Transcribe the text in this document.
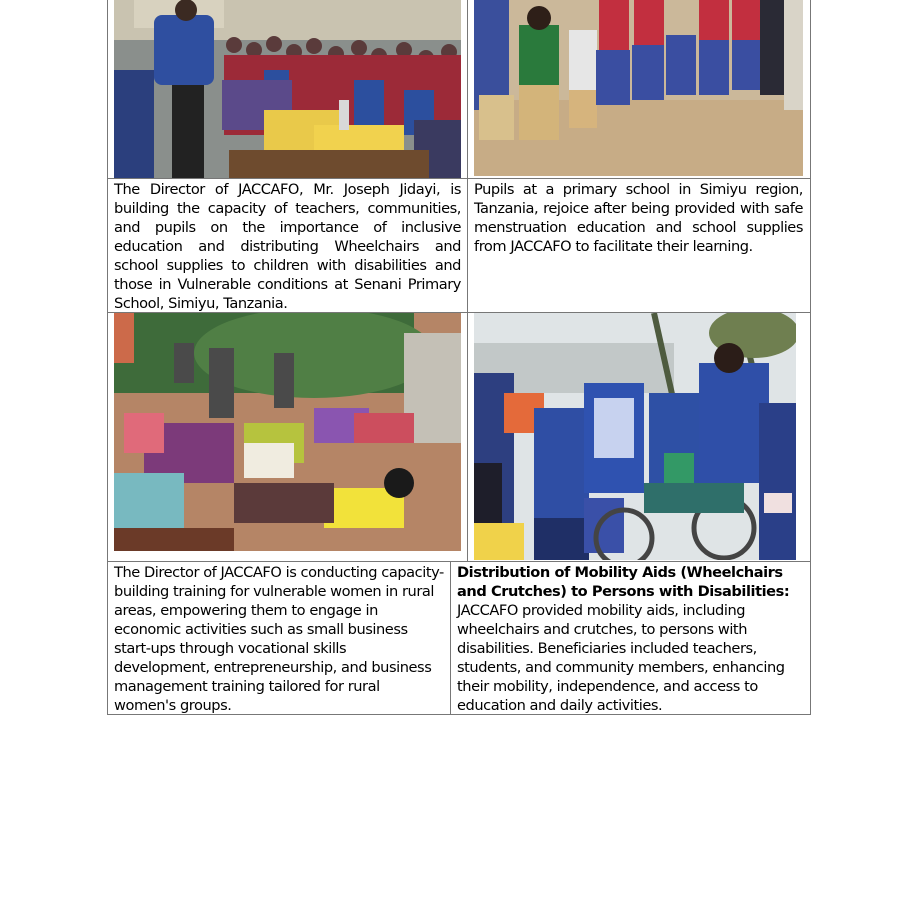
The Director of JACCAFO, Mr. Joseph Jidayi, is building the capacity of teachers, communities, and pupils on the importance of inclusive education and distributing Wheelchairs and school supplies to children with disabilities and those in Vulnerable conditions at Senani Primary School, Simiyu, Tanzania.

Pupils at a primary school in Simiyu region, Tanzania, rejoice after being provided with safe menstruation education and school supplies from JACCAFO to facilitate their learning.

The Director of JACCAFO is conducting capacity-building training for vulnerable women in rural areas, empowering them to engage in economic activities such as small business start-ups through vocational skills development, entrepreneurship, and business management training tailored for rural women's groups.

Distribution of Mobility Aids (Wheelchairs and Crutches) to Persons with Disabilities:

JACCAFO provided mobility aids, including wheelchairs and crutches, to persons with disabilities. Beneficiaries included teachers, students, and community members, enhancing their mobility, independence, and access to education and daily activities.
